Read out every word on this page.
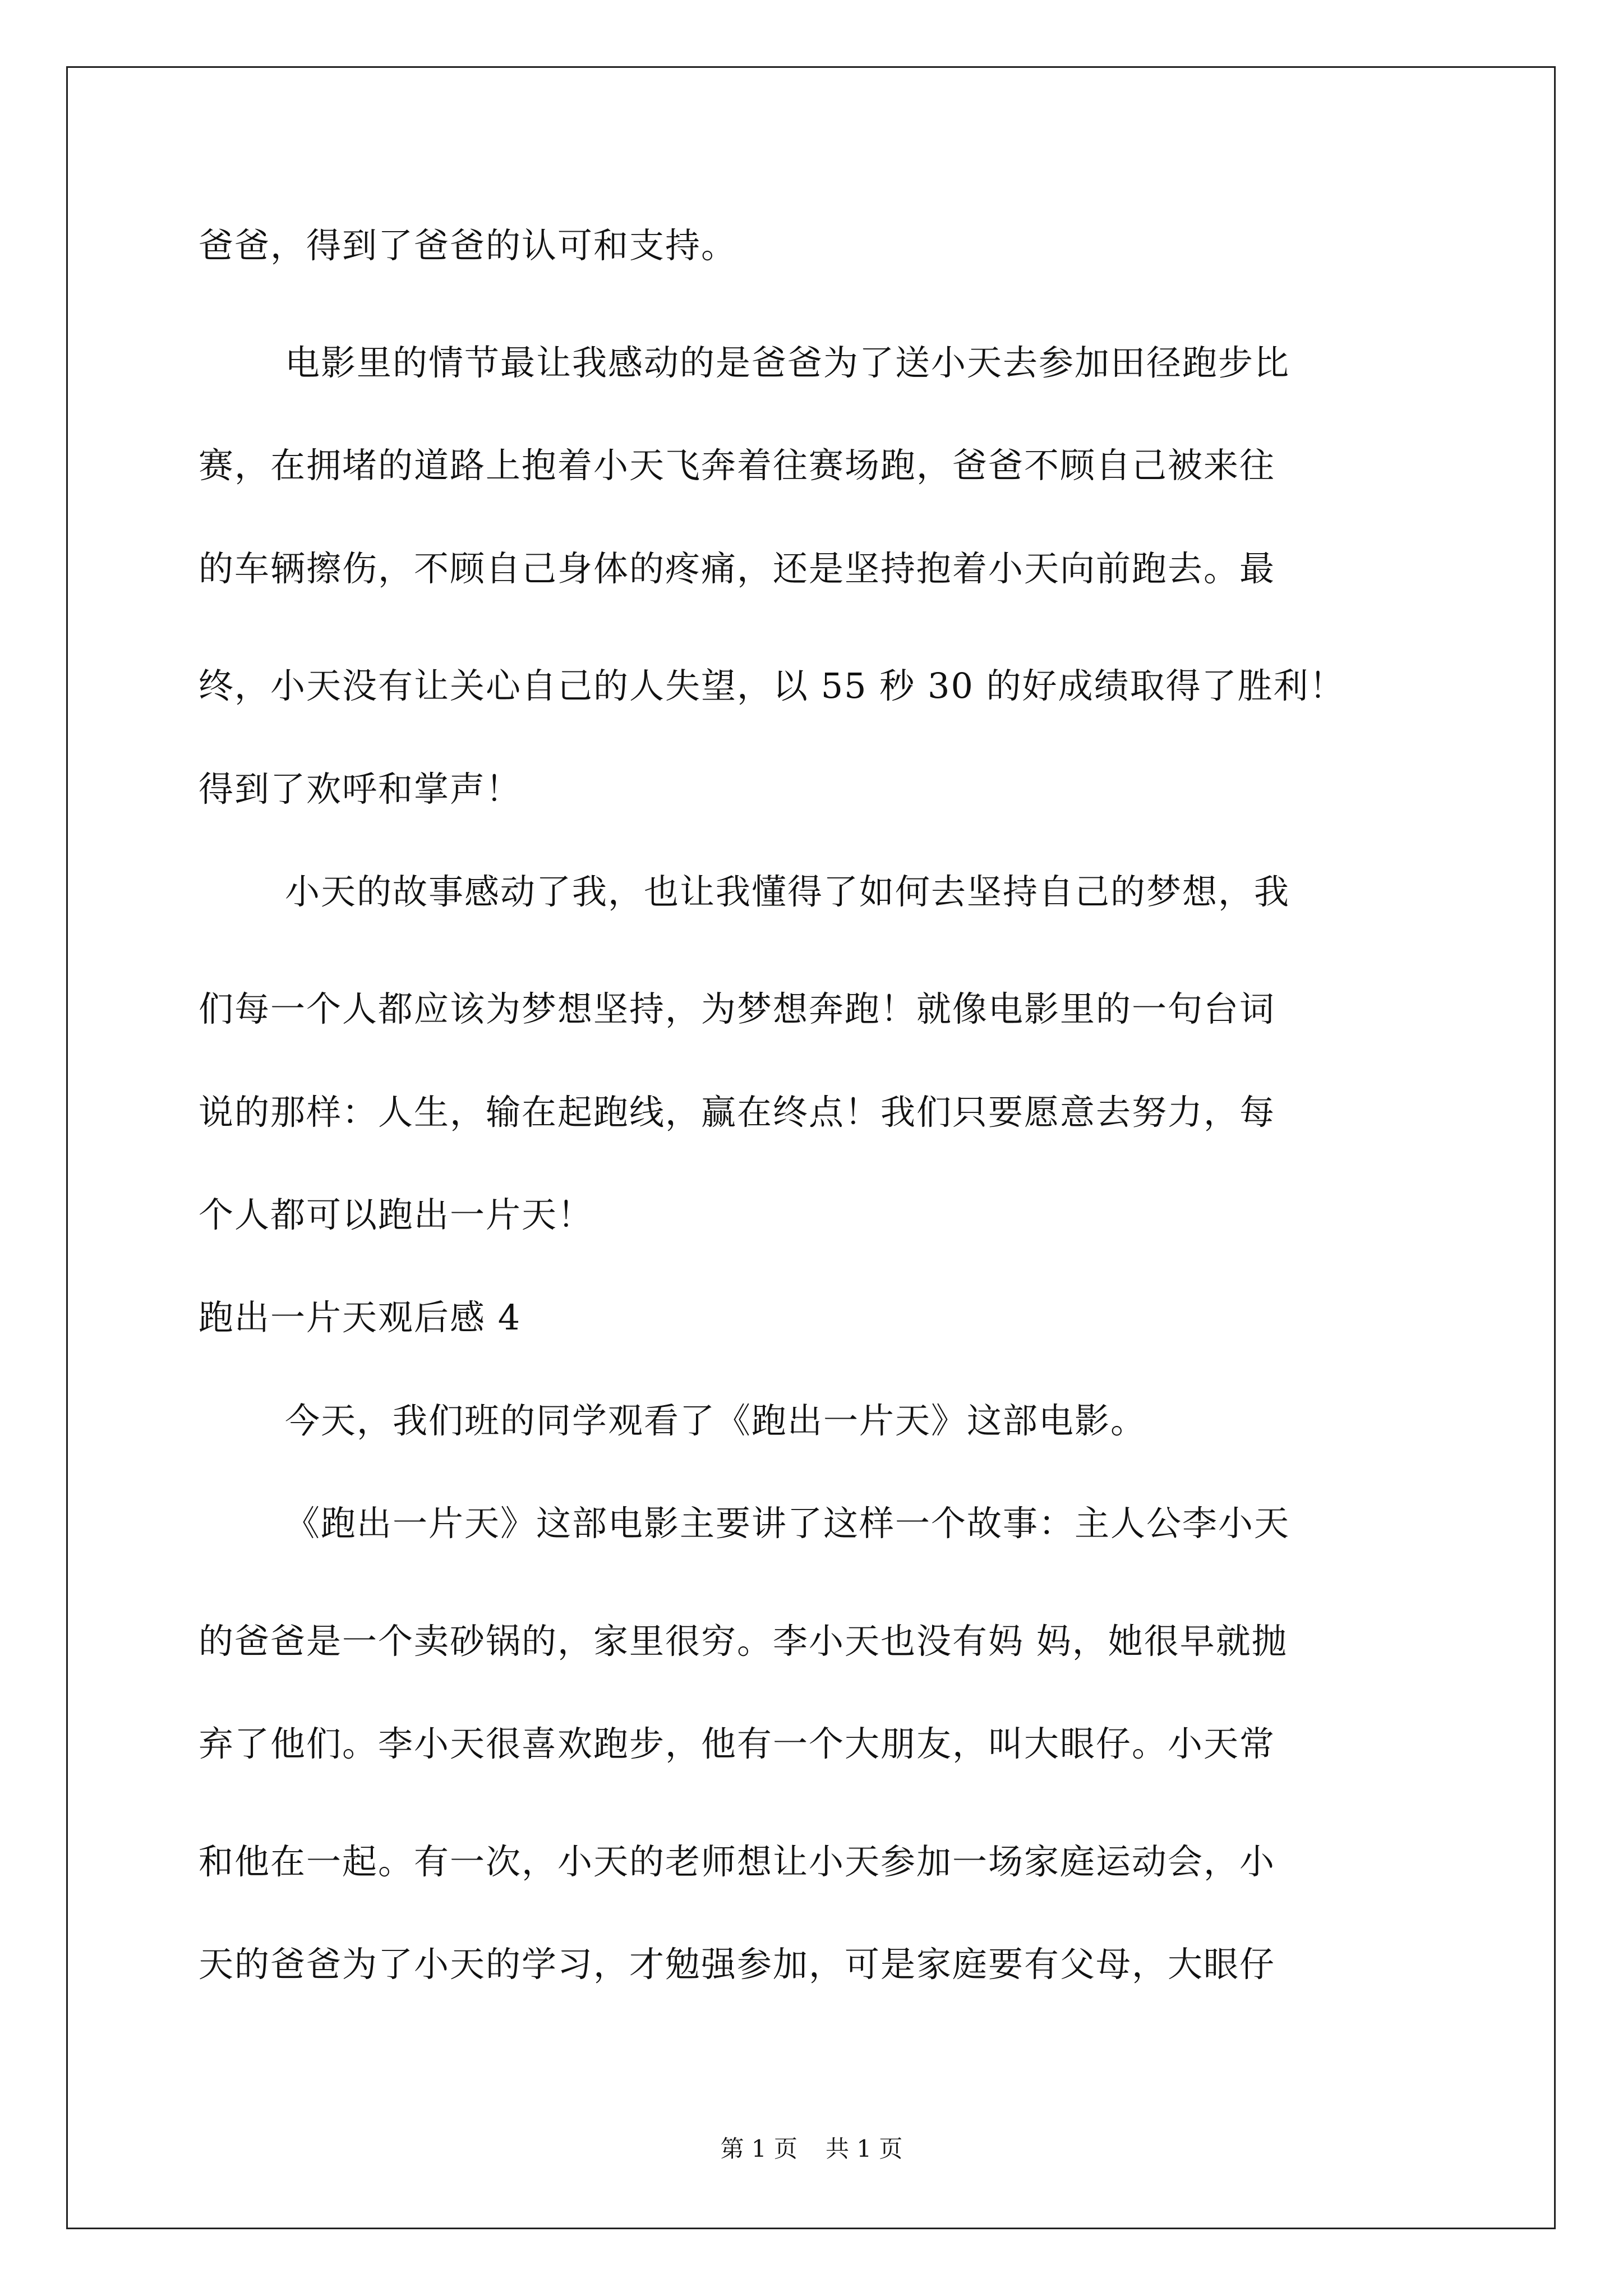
爸爸，得到了爸爸的认可和支持。
电影里的情节最让我感动的是爸爸为了送小天去参加田径跑步比
赛，在拥堵的道路上抱着小天飞奔着往赛场跑，爸爸不顾自己被来往
的车辆擦伤，不顾自己身体的疼痛，还是坚持抱着小天向前跑去。最
终，小天没有让关心自己的人失望，以 55 秒 30 的好成绩取得了胜利！
得到了欢呼和掌声！
小天的故事感动了我，也让我懂得了如何去坚持自己的梦想，我
们每一个人都应该为梦想坚持，为梦想奔跑！就像电影里的一句台词
说的那样：人生，输在起跑线，赢在终点！我们只要愿意去努力，每
个人都可以跑出一片天！
跑出一片天观后感 4
今天，我们班的同学观看了《跑出一片天》这部电影。
《跑出一片天》这部电影主要讲了这样一个故事：主人公李小天
的爸爸是一个卖砂锅的，家里很穷。李小天也没有妈 妈，她很早就抛
弃了他们。李小天很喜欢跑步，他有一个大朋友，叫大眼仔。小天常
和他在一起。有一次，小天的老师想让小天参加一场家庭运动会，小
天的爸爸为了小天的学习，才勉强参加，可是家庭要有父母，大眼仔
第 1 页 共 1 页
